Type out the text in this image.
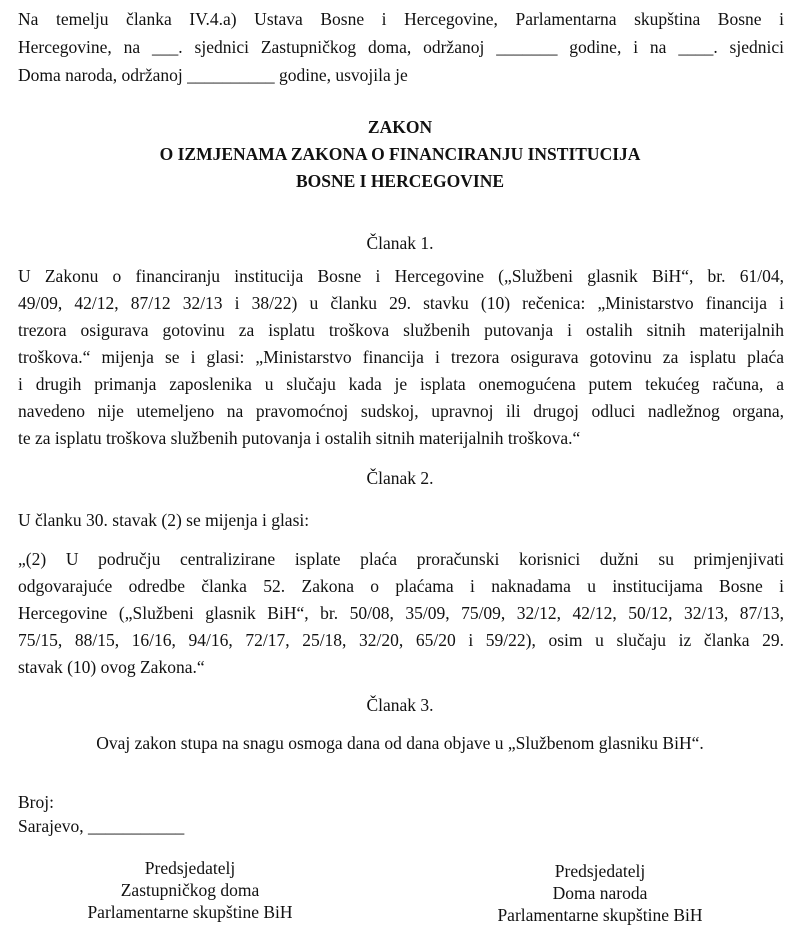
Na temelju članka IV.4.a) Ustava Bosne i Hercegovine, Parlamentarna skupština Bosne i
Hercegovine, na ___. sjednici Zastupničkog doma, održanoj _______ godine, i na ____. sjednici
Doma naroda, održanoj __________ godine, usvojila je
ZAKON
O IZMJENAMA ZAKONA O FINANCIRANJU INSTITUCIJA
BOSNE I HERCEGOVINE
Članak 1.
U Zakonu o financiranju institucija Bosne i Hercegovine („Službeni glasnik BiH“, br. 61/04,
49/09, 42/12, 87/12 32/13 i 38/22) u članku 29. stavku (10) rečenica: „Ministarstvo financija i
trezora osigurava gotovinu za isplatu troškova službenih putovanja i ostalih sitnih materijalnih
troškova.“ mijenja se i glasi: „Ministarstvo financija i trezora osigurava gotovinu za isplatu plaća
i drugih primanja zaposlenika u slučaju kada je isplata onemogućena putem tekućeg računa, a
navedeno nije utemeljeno na pravomoćnoj sudskoj, upravnoj ili drugoj odluci nadležnog organa,
te za isplatu troškova službenih putovanja i ostalih sitnih materijalnih troškova.“
Članak 2.
U članku 30. stavak (2) se mijenja i glasi:
„(2) U području centralizirane isplate plaća proračunski korisnici dužni su primjenjivati
odgovarajuće odredbe članka 52. Zakona o plaćama i naknadama u institucijama Bosne i
Hercegovine („Službeni glasnik BiH“, br. 50/08, 35/09, 75/09, 32/12, 42/12, 50/12, 32/13, 87/13,
75/15, 88/15, 16/16, 94/16, 72/17, 25/18, 32/20, 65/20 i 59/22), osim u slučaju iz članka 29.
stavak (10) ovog Zakona.“
Članak 3.
Ovaj zakon stupa na snagu osmoga dana od dana objave u „Službenom glasniku BiH“.
Broj:
Sarajevo, ___________
Predsjedatelj
Zastupničkog doma
Parlamentarne skupštine BiH
Predsjedatelj
Doma naroda
Parlamentarne skupštine BiH
